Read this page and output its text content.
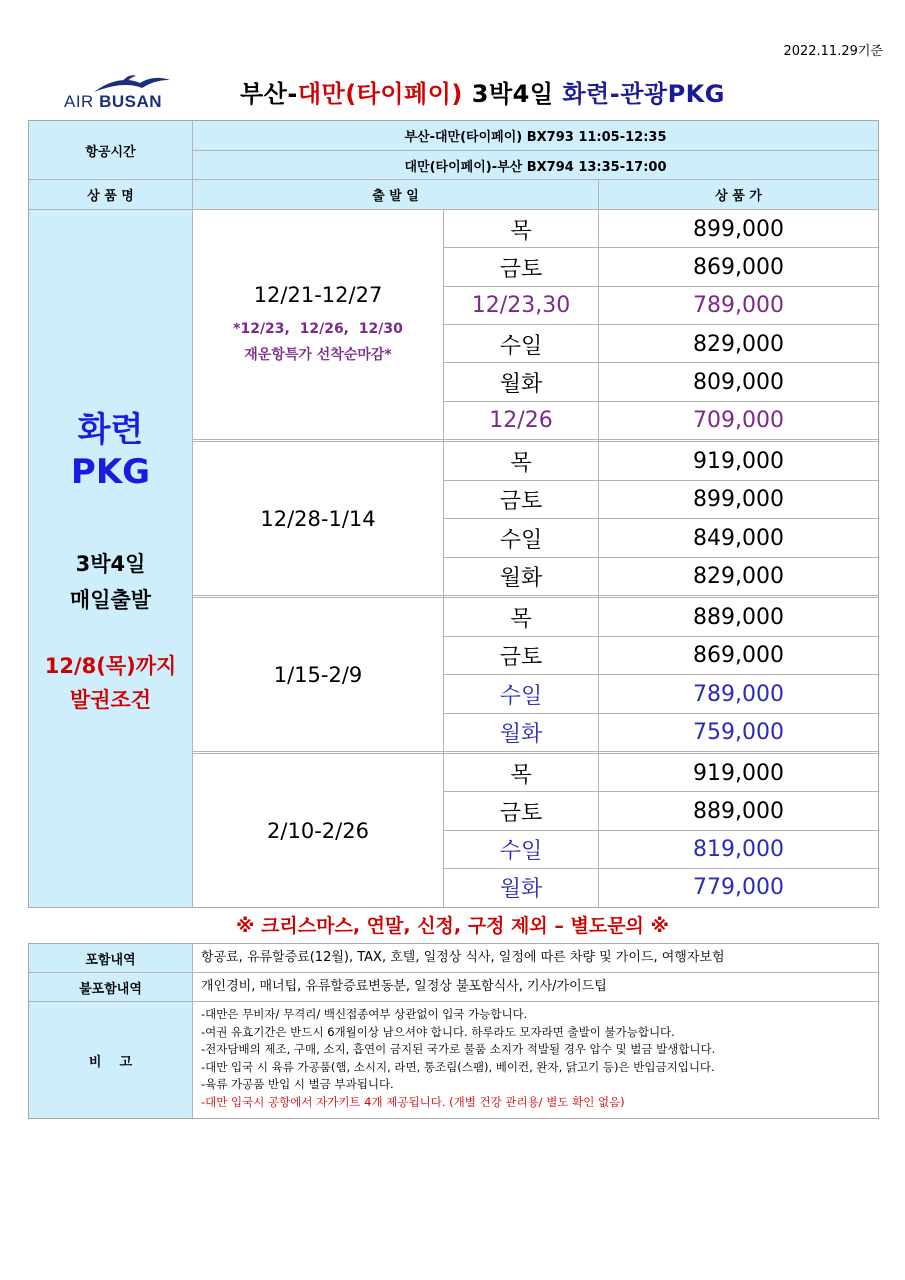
2022.11.29기준
AIR BUSAN	부산-대만(타이페이) 3박4일 화련-관광PKG
항공시간
부산-대만(타이페이) BX793 11:05-12:35
대만(타이페이)-부산 BX794 13:35-17:00
상 품 명	출 발 일	상 품 가
화련
PKG
3박4일
매일출발
12/8(목)까지
발권조건
12/21-12/27
*12/23,  12/26,  12/30
재운항특가 선착순마감*
목	899,000
금토	869,000
12/23,30	789,000
수일	829,000
월화	809,000
12/26	709,000
12/28-1/14
목	919,000
금토	899,000
수일	849,000
월화	829,000
1/15-2/9
목	889,000
금토	869,000
수일	789,000
월화	759,000
2/10-2/26
목	919,000
금토	889,000
수일	819,000
월화	779,000
※ 크리스마스, 연말, 신정, 구정 제외 – 별도문의 ※
포함내역	항공료, 유류할증료(12월), TAX, 호텔, 일정상 식사, 일정에 따른 차량 및 가이드, 여행자보험
불포함내역	개인경비, 매너팁, 유류할증료변동분, 일정상 불포함식사, 기사/가이드팁
비    고
-대만은 무비자/ 무격리/ 백신접종여부 상관없이 입국 가능합니다.
-여권 유효기간은 반드시 6개월이상 남으셔야 합니다. 하루라도 모자라면 출발이 불가능합니다.
-전자담배의 제조, 구매, 소지, 흡연이 금지된 국가로 물품 소지가 적발될 경우 압수 및 벌금 발생합니다.
-대만 입국 시 육류 가공품(햄, 소시지, 라면, 통조림(스팸), 베이컨, 완자, 닭고기 등)은 반입금지입니다.
-육류 가공품 반입 시 벌금 부과됩니다.
-대만 입국시 공항에서 자가키트 4개 제공됩니다. (개별 건강 관리용/ 별도 확인 없음)
